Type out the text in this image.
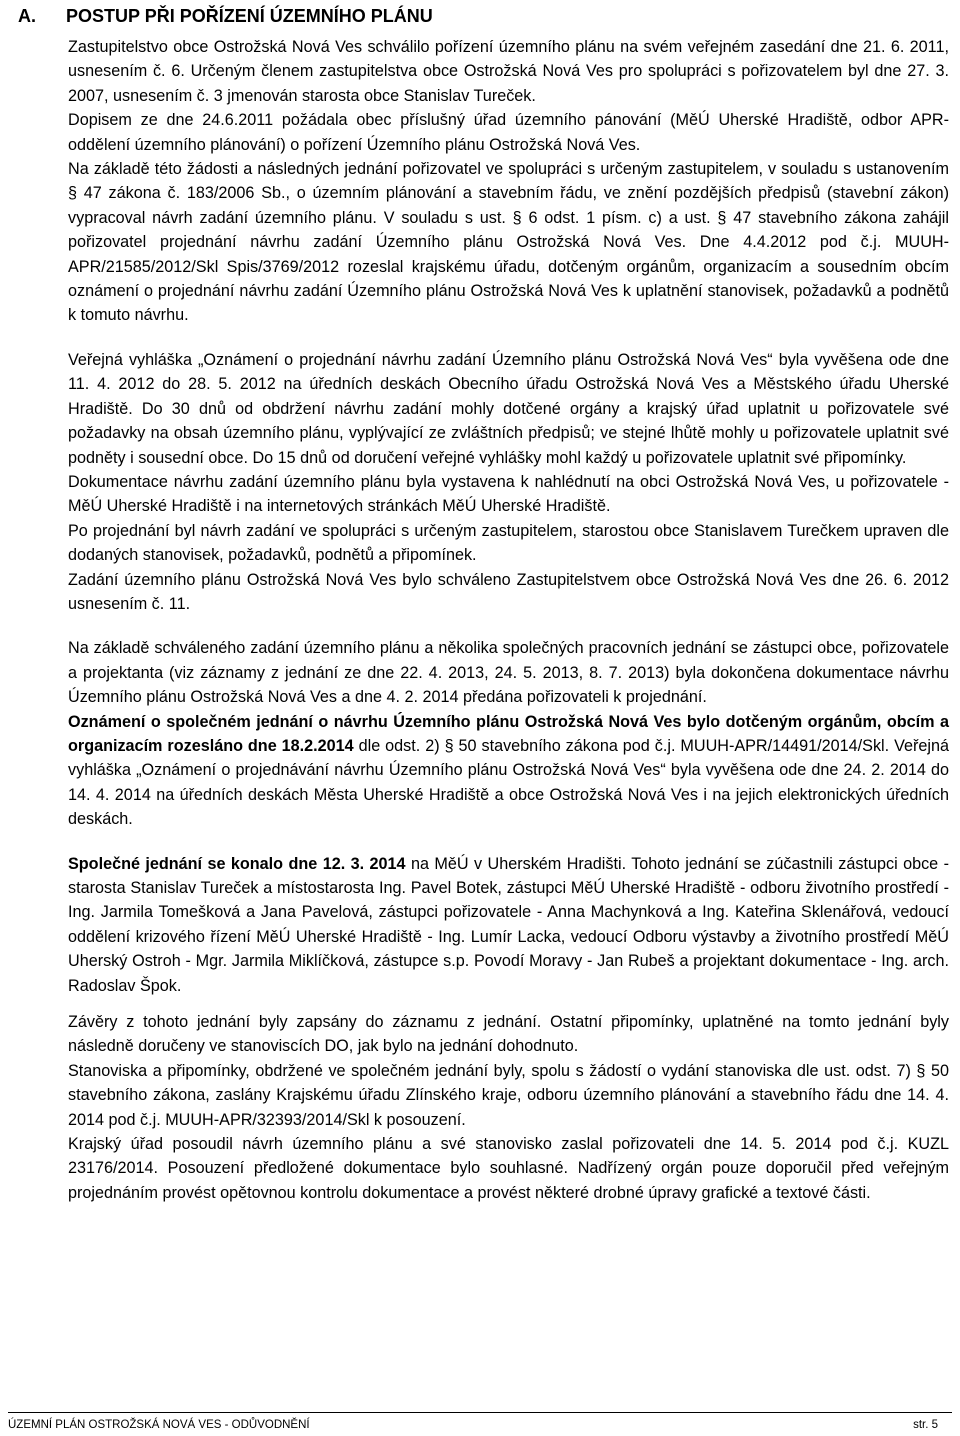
A. POSTUP PŘI POŘÍZENÍ ÚZEMNÍHO PLÁNU

Zastupitelstvo obce Ostrožská Nová Ves schválilo pořízení územního plánu na svém veřejném zasedání dne 21. 6. 2011, usnesením č. 6. Určeným členem zastupitelstva obce Ostrožská Nová Ves pro spolupráci s pořizovatelem byl dne 27. 3. 2007, usnesením č. 3 jmenován starosta obce Stanislav Tureček.

Dopisem ze dne 24.6.2011 požádala obec příslušný úřad územního pánování (MěÚ Uherské Hradiště, odbor APR-oddělení územního plánování) o pořízení Územního plánu Ostrožská Nová Ves.

Na základě této žádosti a následných jednání pořizovatel ve spolupráci s určeným zastupitelem, v souladu s ustanovením § 47 zákona č. 183/2006 Sb., o územním plánování a stavebním řádu, ve znění pozdějších předpisů (stavební zákon) vypracoval návrh zadání územního plánu. V souladu s ust. § 6 odst. 1 písm. c) a ust. § 47 stavebního zákona zahájil pořizovatel projednání návrhu zadání Územního plánu Ostrožská Nová Ves. Dne 4.4.2012 pod č.j. MUUH-APR/21585/2012/Skl Spis/3769/2012 rozeslal krajskému úřadu, dotčeným orgánům, organizacím a sousedním obcím oznámení o projednání návrhu zadání Územního plánu Ostrožská Nová Ves k uplatnění stanovisek, požadavků a podnětů k tomuto návrhu.

Veřejná vyhláška „Oznámení o projednání návrhu zadání Územního plánu Ostrožská Nová Ves“ byla vyvěšena ode dne 11. 4. 2012 do 28. 5. 2012 na úředních deskách Obecního úřadu Ostrožská Nová Ves a Městského úřadu Uherské Hradiště. Do 30 dnů od obdržení návrhu zadání mohly dotčené orgány a krajský úřad uplatnit u pořizovatele své požadavky na obsah územního plánu, vyplývající ze zvláštních předpisů; ve stejné lhůtě mohly u pořizovatele uplatnit své podněty i sousední obce. Do 15 dnů od doručení veřejné vyhlášky mohl každý u pořizovatele uplatnit své připomínky.

Dokumentace návrhu zadání územního plánu byla vystavena k nahlédnutí na obci Ostrožská Nová Ves, u pořizovatele - MěÚ Uherské Hradiště i na internetových stránkách MěÚ Uherské Hradiště.

Po projednání byl návrh zadání ve spolupráci s určeným zastupitelem, starostou obce Stanislavem Turečkem upraven dle dodaných stanovisek, požadavků, podnětů a připomínek.

Zadání územního plánu Ostrožská Nová Ves bylo schváleno Zastupitelstvem obce Ostrožská Nová Ves dne 26. 6. 2012 usnesením č. 11.

Na základě schváleného zadání územního plánu a několika společných pracovních jednání se zástupci obce, pořizovatele a projektanta (viz záznamy z jednání ze dne 22. 4. 2013, 24. 5. 2013, 8. 7. 2013) byla dokončena dokumentace návrhu Územního plánu Ostrožská Nová Ves a dne 4. 2. 2014 předána pořizovateli k projednání.

Oznámení o společném jednání o návrhu Územního plánu Ostrožská Nová Ves bylo dotčeným orgánům, obcím a organizacím rozesláno dne 18.2.2014 dle odst. 2) § 50 stavebního zákona pod č.j. MUUH-APR/14491/2014/Skl. Veřejná vyhláška „Oznámení o projednávání návrhu Územního plánu Ostrožská Nová Ves“ byla vyvěšena ode dne 24. 2. 2014 do 14. 4. 2014 na úředních deskách Města Uherské Hradiště a obce Ostrožská Nová Ves i na jejich elektronických úředních deskách.

Společné jednání se konalo dne 12. 3. 2014 na MěÚ v Uherském Hradišti. Tohoto jednání se zúčastnili zástupci obce - starosta Stanislav Tureček a místostarosta Ing. Pavel Botek, zástupci MěÚ Uherské Hradiště - odboru životního prostředí - Ing. Jarmila Tomešková a Jana Pavelová, zástupci pořizovatele - Anna Machynková a Ing. Kateřina Sklenářová, vedoucí oddělení krizového řízení MěÚ Uherské Hradiště - Ing. Lumír Lacka, vedoucí Odboru výstavby a životního prostředí MěÚ Uherský Ostroh - Mgr. Jarmila Miklíčková, zástupce s.p. Povodí Moravy - Jan Rubeš a projektant dokumentace - Ing. arch. Radoslav Špok.

Závěry z tohoto jednání byly zapsány do záznamu z jednání. Ostatní připomínky, uplatněné na tomto jednání byly následně doručeny ve stanoviscích DO, jak bylo na jednání dohodnuto.

Stanoviska a připomínky, obdržené ve společném jednání byly, spolu s žádostí o vydání stanoviska dle ust. odst. 7) § 50 stavebního zákona, zaslány Krajskému úřadu Zlínského kraje, odboru územního plánování a stavebního řádu dne 14. 4. 2014 pod č.j. MUUH-APR/32393/2014/Skl k posouzení.

Krajský úřad posoudil návrh územního plánu a své stanovisko zaslal pořizovateli dne 14. 5. 2014 pod č.j. KUZL 23176/2014. Posouzení předložené dokumentace bylo souhlasné. Nadřízený orgán pouze doporučil před veřejným projednáním provést opětovnou kontrolu dokumentace a provést některé drobné úpravy grafické a textové části.

ÚZEMNÍ PLÁN OSTROŽSKÁ NOVÁ VES - ODŮVODNĚNÍ	str. 5
